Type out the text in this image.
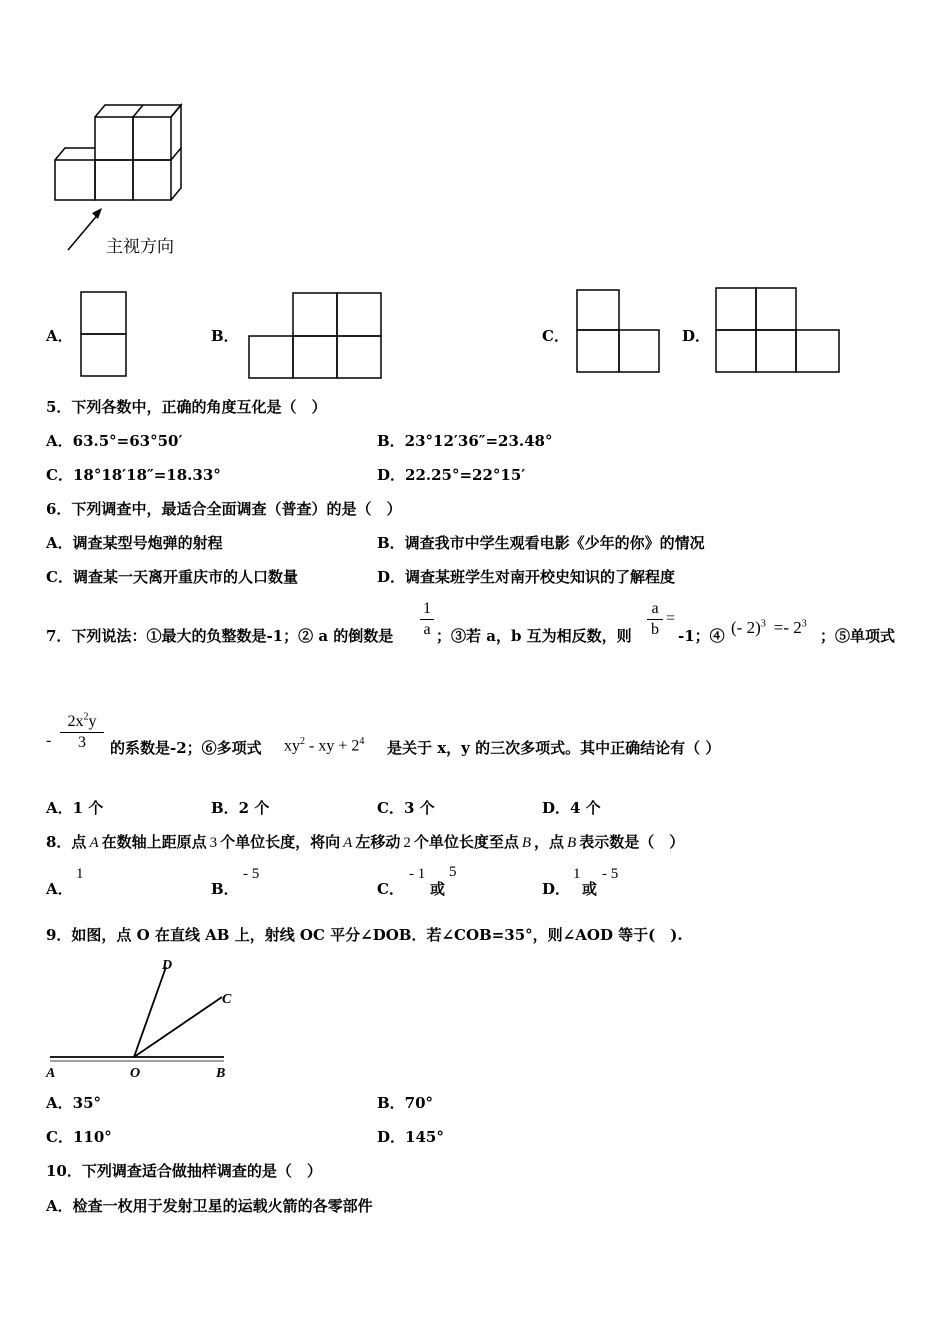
主视方向
A．	B．	C．	D．
5．下列各数中，正确的角度互化是（　）
A．63.5°=63°50′	B．23°12′36″=23.48°
C．18°18′18″=18.33°	D．22.25°=22°15′
6．下列调查中，最适合全面调查（普查）的是（　）
A．调查某型号炮弹的射程	B．调查我市中学生观看电影《少年的你》的情况
C．调查某一天离开重庆市的人口数量	D．调查某班学生对南开校史知识的了解程度
7．下列说法：①最大的负整数是-1；② a 的倒数是
1
a ；③若 a，b 互为相反数，则
a
b
=
-1；④ (- $2)^3 =- 2^3$
；⑤单项式
-
$2x^2y$
3	的系数是-2；⑥多项式 $xy^2$ - xy + $2^4$ 是关于 x，y 的三次多项式。其中正确结论有（ ）
A．1 个	B．2 个	C．3 个	D．4 个
8．点 A 在数轴上距原点 3 个单位长度，将向 A 左移动 2 个单位长度至点 B ，点 B 表示数是（　）
A．
1
B．
- 5
C．
- 1
或
5
D．
1
或
- 5
9．如图，点 O 在直线 AB 上，射线 OC 平分∠DOB．若∠COB=35°，则∠AOD 等于(　).
D
C
A	O	B
A．35°	B．70°
C．110°	D．145°
10．下列调查适合做抽样调查的是（　）
A．检查一枚用于发射卫星的运载火箭的各零部件
